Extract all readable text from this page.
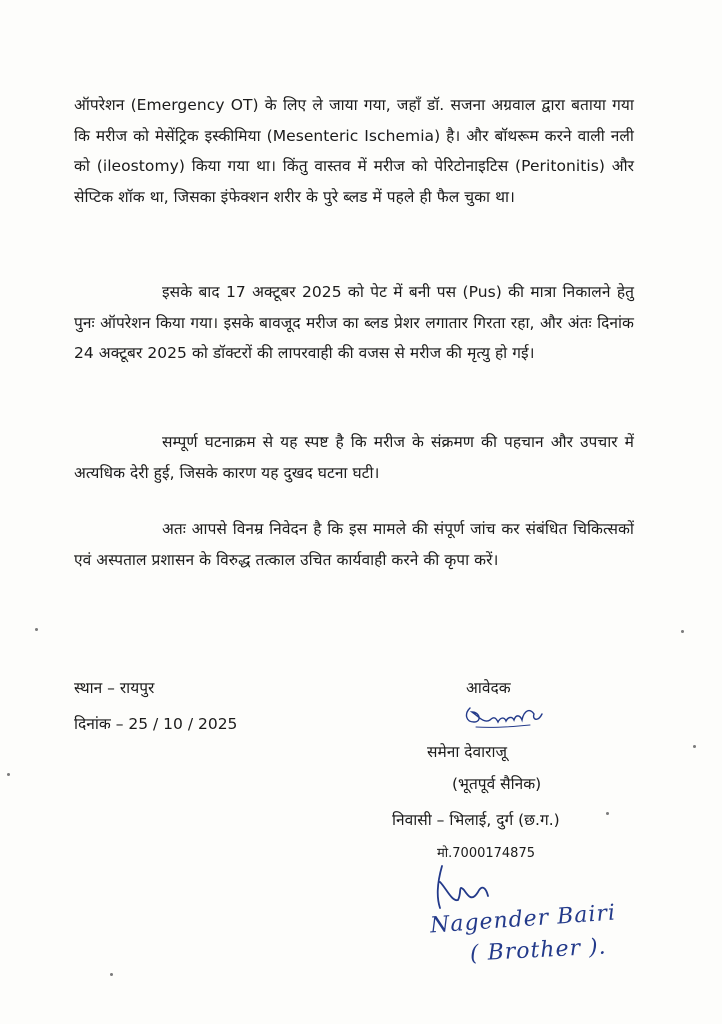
ऑपरेशन (Emergency OT) के लिए ले जाया गया, जहाँ डॉ. सजना अग्रवाल द्वारा बताया गया कि मरीज को मेसेंट्रिक इस्कीमिया (Mesenteric Ischemia) है। और बॉथरूम करने वाली नली को (ileostomy) किया गया था। किंतु वास्तव में मरीज को पेरिटोनाइटिस (Peritonitis) और सेप्टिक शॉक था, जिसका इंफेक्शन शरीर के पुरे ब्लड में पहले ही फैल चुका था।

इसके बाद 17 अक्टूबर 2025 को पेट में बनी पस (Pus) की मात्रा निकालने हेतु पुनः ऑपरेशन किया गया। इसके बावजूद मरीज का ब्लड प्रेशर लगातार गिरता रहा, और अंतः दिनांक 24 अक्टूबर 2025 को डॉक्टरों की लापरवाही की वजस से मरीज की मृत्यु हो गई।

सम्पूर्ण घटनाक्रम से यह स्पष्ट है कि मरीज के संक्रमण की पहचान और उपचार में अत्यधिक देरी हुई, जिसके कारण यह दुखद घटना घटी।

अतः आपसे विनम्र निवेदन है कि इस मामले की संपूर्ण जांच कर संबंधित चिकित्सकों एवं अस्पताल प्रशासन के विरुद्ध तत्काल उचित कार्यवाही करने की कृपा करें।

स्थान – रायपुर
दिनांक – 25 / 10 / 2025
आवेदक
समेना देवाराजू
(भूतपूर्व सैनिक)
निवासी – भिलाई, दुर्ग (छ.ग.)
मो.7000174875
Nagender Bairi
( Brother ).
